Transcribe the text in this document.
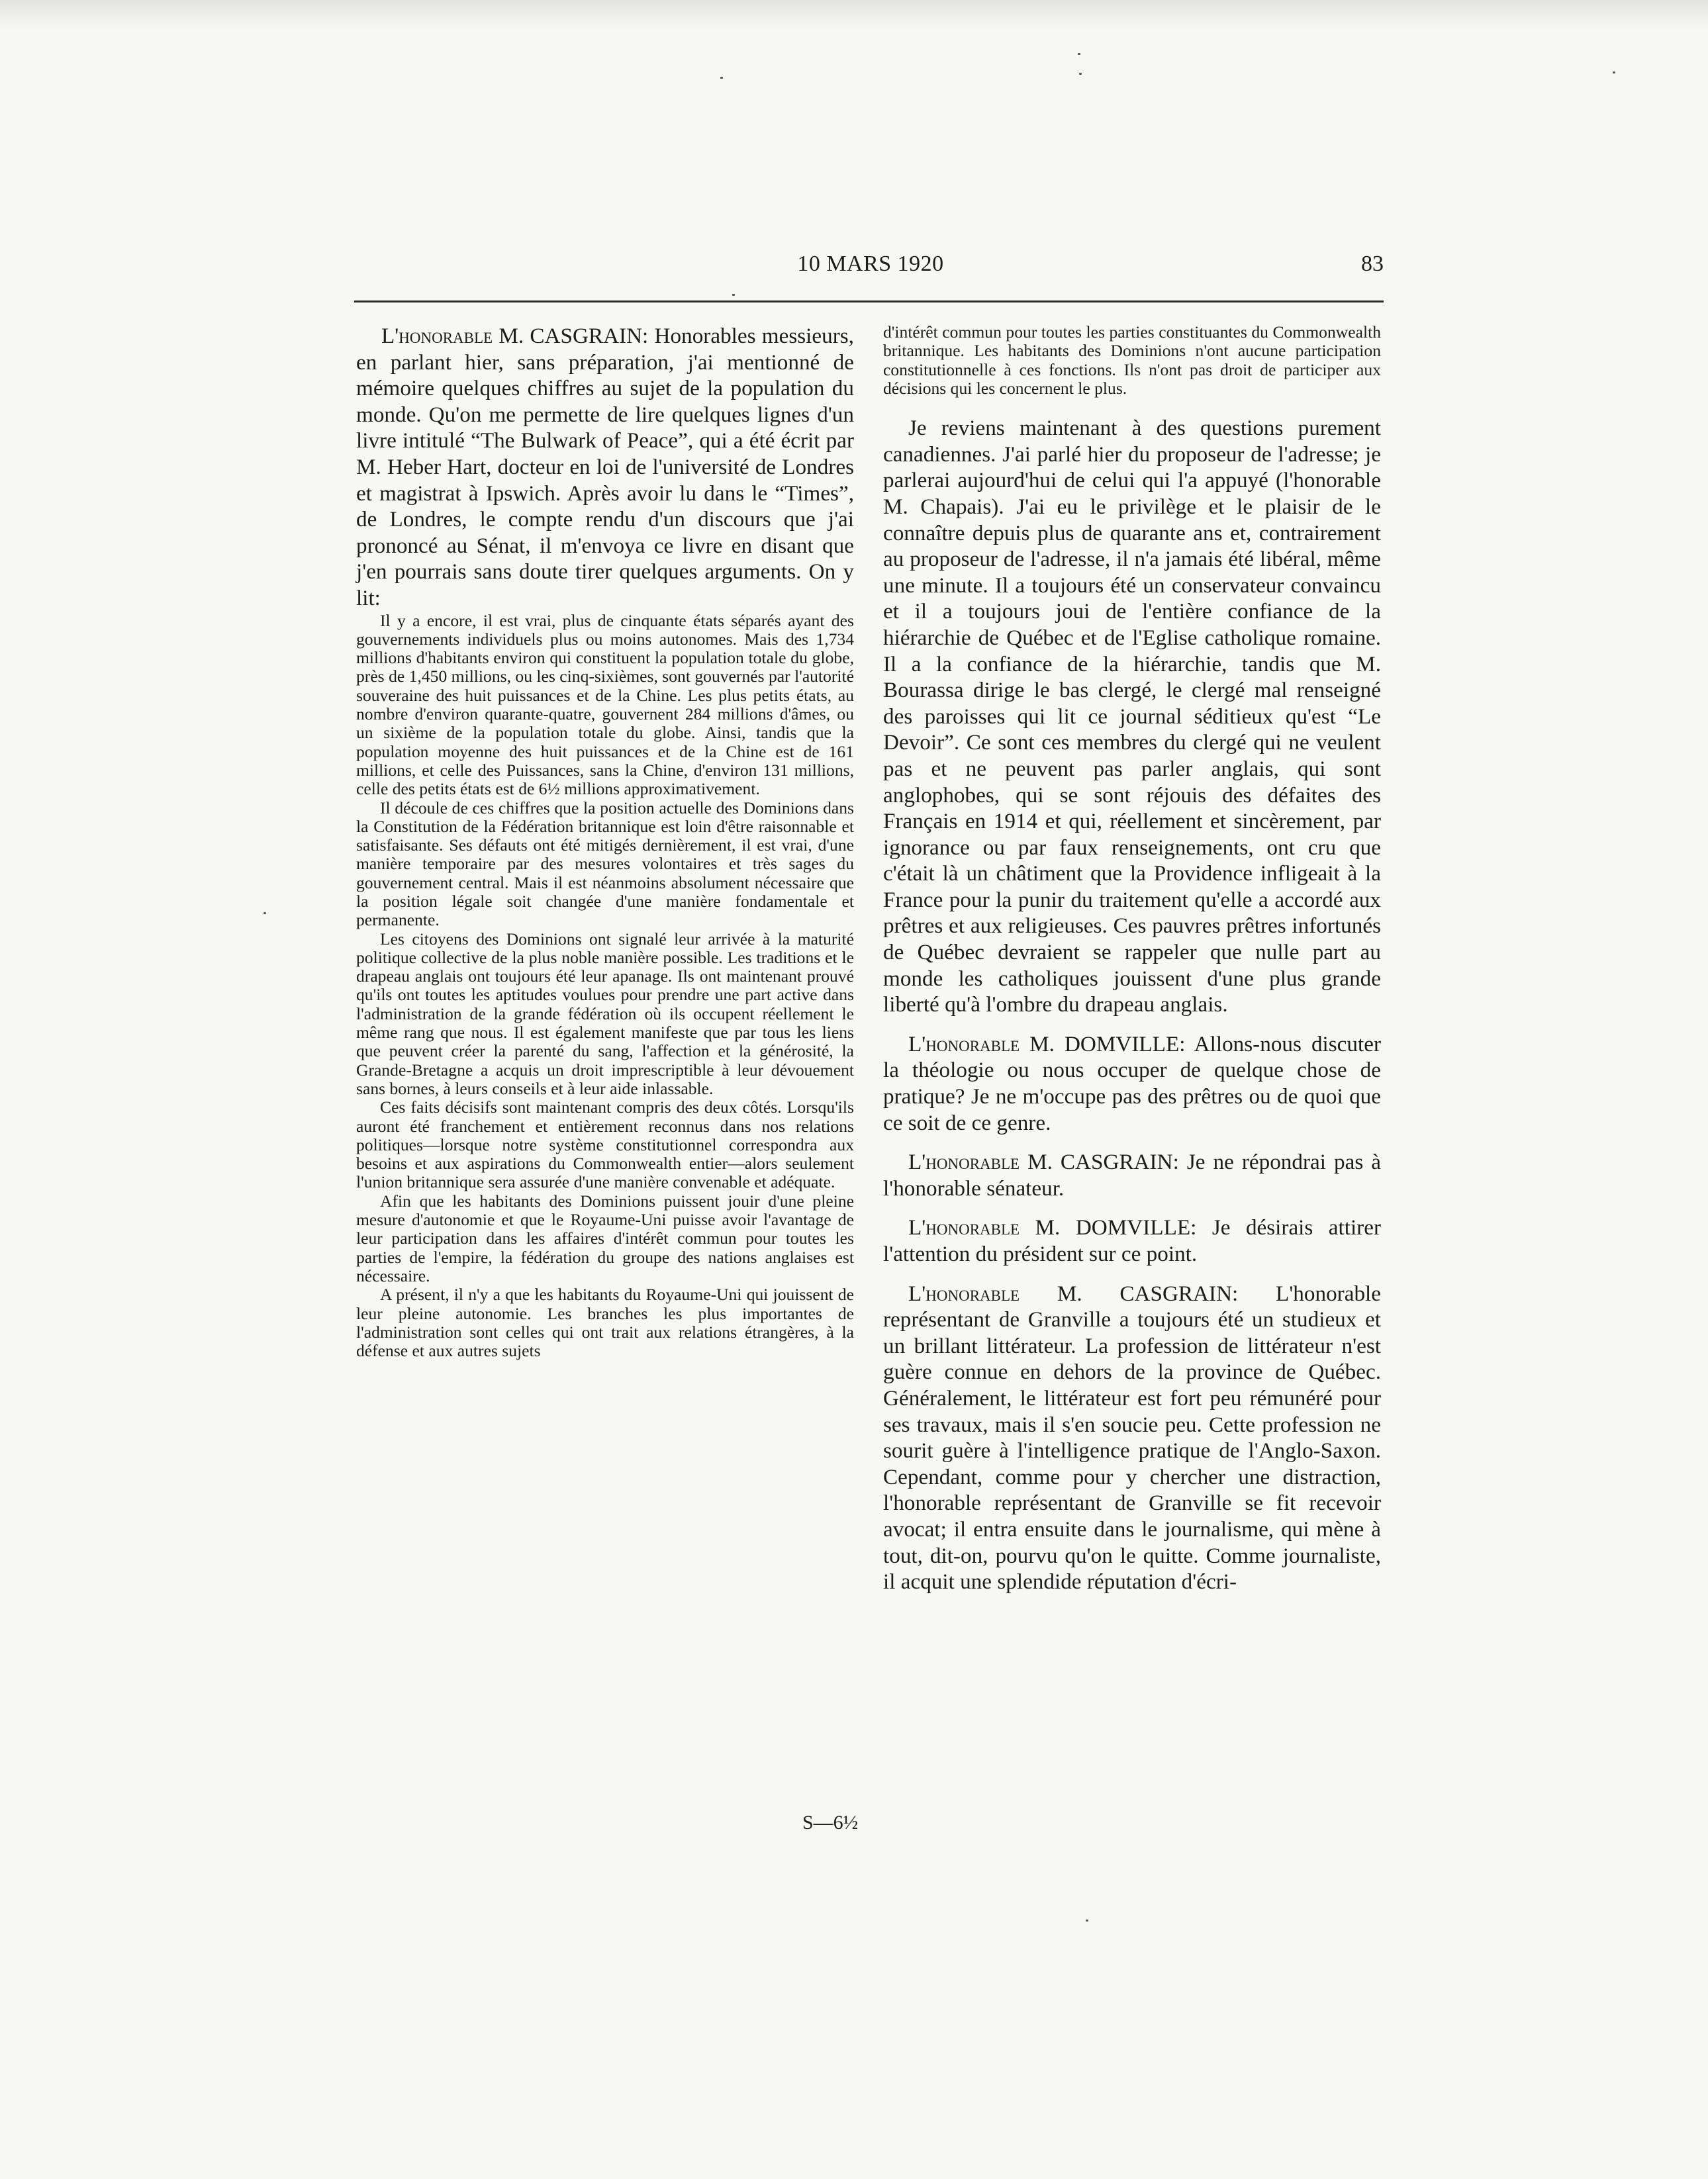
10 MARS 1920	83

L'honorable M. CASGRAIN: Honorables messieurs, en parlant hier, sans préparation, j'ai mentionné de mémoire quelques chiffres au sujet de la population du monde. Qu'on me permette de lire quelques lignes d'un livre intitulé “The Bulwark of Peace”, qui a été écrit par M. Heber Hart, docteur en loi de l'université de Londres et magistrat à Ipswich. Après avoir lu dans le “Times”, de Londres, le compte rendu d'un discours que j'ai prononcé au Sénat, il m'envoya ce livre en disant que j'en pourrais sans doute tirer quelques arguments. On y lit:

Il y a encore, il est vrai, plus de cinquante états séparés ayant des gouvernements individuels plus ou moins autonomes. Mais des 1,734 millions d'habitants environ qui constituent la population totale du globe, près de 1,450 millions, ou les cinq-sixièmes, sont gouvernés par l'autorité souveraine des huit puissances et de la Chine. Les plus petits états, au nombre d'environ quarante-quatre, gouvernent 284 millions d'âmes, ou un sixième de la population totale du globe. Ainsi, tandis que la population moyenne des huit puissances et de la Chine est de 161 millions, et celle des Puissances, sans la Chine, d'environ 131 millions, celle des petits états est de 6½ millions approximativement.

Il découle de ces chiffres que la position actuelle des Dominions dans la Constitution de la Fédération britannique est loin d'être raisonnable et satisfaisante. Ses défauts ont été mitigés dernièrement, il est vrai, d'une manière temporaire par des mesures volontaires et très sages du gouvernement central. Mais il est néanmoins absolument nécessaire que la position légale soit changée d'une manière fondamentale et permanente.

Les citoyens des Dominions ont signalé leur arrivée à la maturité politique collective de la plus noble manière possible. Les traditions et le drapeau anglais ont toujours été leur apanage. Ils ont maintenant prouvé qu'ils ont toutes les aptitudes voulues pour prendre une part active dans l'administration de la grande fédération où ils occupent réellement le même rang que nous. Il est également manifeste que par tous les liens que peuvent créer la parenté du sang, l'affection et la générosité, la Grande-Bretagne a acquis un droit imprescriptible à leur dévouement sans bornes, à leurs conseils et à leur aide inlassable.

Ces faits décisifs sont maintenant compris des deux côtés. Lorsqu'ils auront été franchement et entièrement reconnus dans nos relations politiques—lorsque notre système constitutionnel correspondra aux besoins et aux aspirations du Commonwealth entier—alors seulement l'union britannique sera assurée d'une manière convenable et adéquate.

Afin que les habitants des Dominions puissent jouir d'une pleine mesure d'autonomie et que le Royaume-Uni puisse avoir l'avantage de leur participation dans les affaires d'intérêt commun pour toutes les parties de l'empire, la fédération du groupe des nations anglaises est nécessaire.

A présent, il n'y a que les habitants du Royaume-Uni qui jouissent de leur pleine autonomie. Les branches les plus importantes de l'administration sont celles qui ont trait aux relations étrangères, à la défense et aux autres sujets

S—6½

d'intérêt commun pour toutes les parties constituantes du Commonwealth britannique. Les habitants des Dominions n'ont aucune participation constitutionnelle à ces fonctions. Ils n'ont pas droit de participer aux décisions qui les concernent le plus.

Je reviens maintenant à des questions purement canadiennes. J'ai parlé hier du proposeur de l'adresse; je parlerai aujourd'hui de celui qui l'a appuyé (l'honorable M. Chapais). J'ai eu le privilège et le plaisir de le connaître depuis plus de quarante ans et, contrairement au proposeur de l'adresse, il n'a jamais été libéral, même une minute. Il a toujours été un conservateur convaincu et il a toujours joui de l'entière confiance de la hiérarchie de Québec et de l'Eglise catholique romaine. Il a la confiance de la hiérarchie, tandis que M. Bourassa dirige le bas clergé, le clergé mal renseigné des paroisses qui lit ce journal séditieux qu'est “Le Devoir”. Ce sont ces membres du clergé qui ne veulent pas et ne peuvent pas parler anglais, qui sont anglophobes, qui se sont réjouis des défaites des Français en 1914 et qui, réellement et sincèrement, par ignorance ou par faux renseignements, ont cru que c'était là un châtiment que la Providence infligeait à la France pour la punir du traitement qu'elle a accordé aux prêtres et aux religieuses. Ces pauvres prêtres infortunés de Québec devraient se rappeler que nulle part au monde les catholiques jouissent d'une plus grande liberté qu'à l'ombre du drapeau anglais.

L'honorable M. DOMVILLE: Allons-nous discuter la théologie ou nous occuper de quelque chose de pratique? Je ne m'occupe pas des prêtres ou de quoi que ce soit de ce genre.

L'honorable M. CASGRAIN: Je ne répondrai pas à l'honorable sénateur.

L'honorable M. DOMVILLE: Je désirais attirer l'attention du président sur ce point.

L'honorable M. CASGRAIN: L'honorable représentant de Granville a toujours été un studieux et un brillant littérateur. La profession de littérateur n'est guère connue en dehors de la province de Québec. Généralement, le littérateur est fort peu rémunéré pour ses travaux, mais il s'en soucie peu. Cette profession ne sourit guère à l'intelligence pratique de l'Anglo-Saxon. Cependant, comme pour y chercher une distraction, l'honorable représentant de Granville se fit recevoir avocat; il entra ensuite dans le journalisme, qui mène à tout, dit-on, pourvu qu'on le quitte. Comme journaliste, il acquit une splendide réputation d'écri-
